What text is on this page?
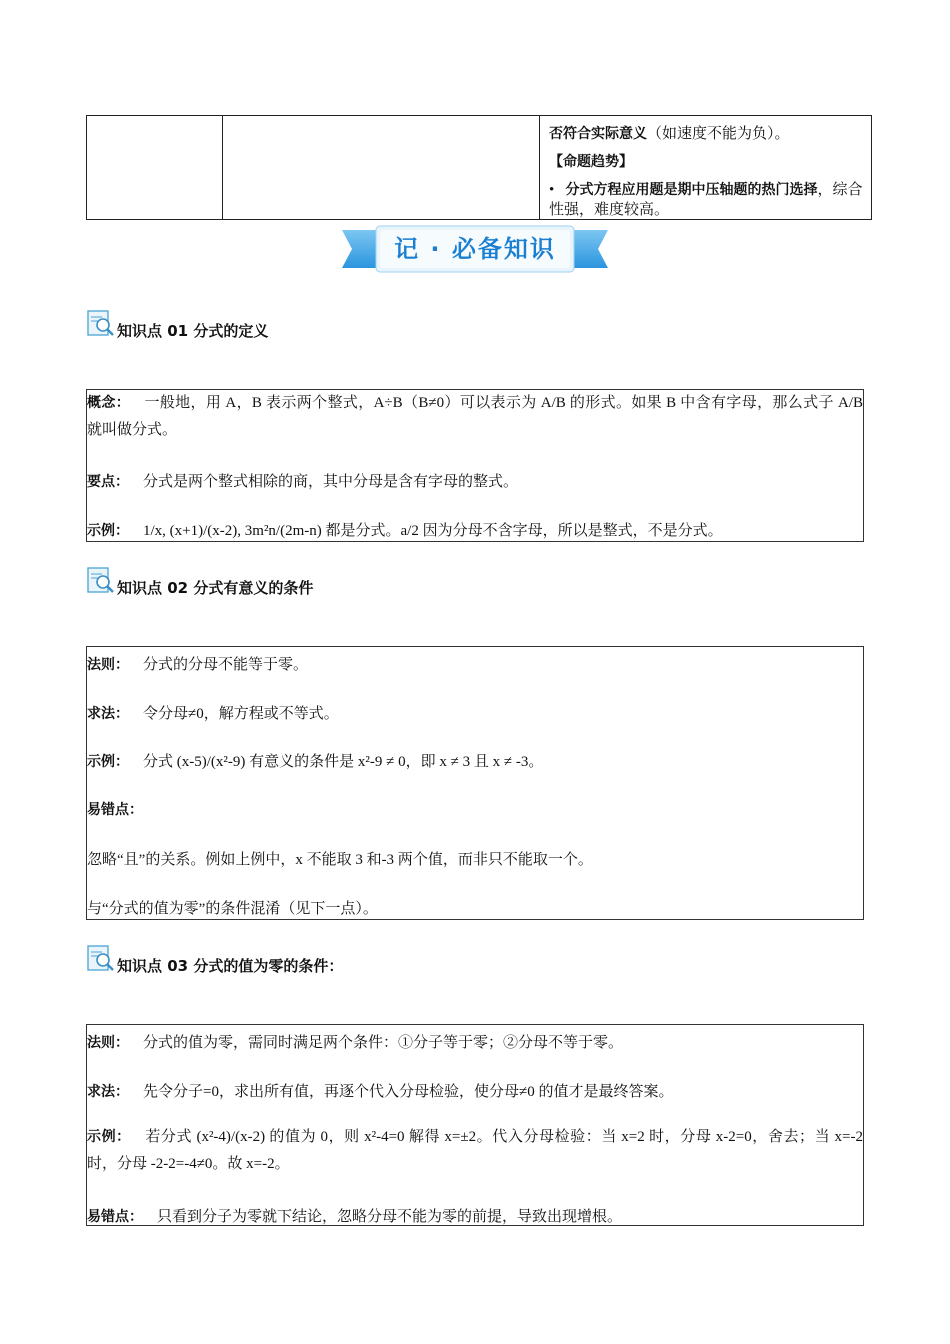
否符合实际意义（如速度不能为负）。

【命题趋势】

• 分式方程应用题是期中压轴题的热门选择，综合性强，难度较高。

记 · 必备知识
知识点 01 分式的定义
概念： 一般地，用 A，B 表示两个整式，A÷B（B≠0）可以表示为 A/B 的形式。如果 B 中含有字母，那么式子 A/B 就叫做分式。
要点： 分式是两个整式相除的商，其中分母是含有字母的整式。
示例： 1/x, (x+1)/(x-2), 3m²n/(2m-n) 都是分式。a/2 因为分母不含字母，所以是整式，不是分式。
知识点 02 分式有意义的条件
法则： 分式的分母不能等于零。
求法： 令分母≠0，解方程或不等式。
示例： 分式 (x-5)/(x²-9) 有意义的条件是 x²-9 ≠ 0，即 x ≠ 3 且 x ≠ -3。
易错点：
忽略“且”的关系。例如上例中，x 不能取 3 和-3 两个值，而非只不能取一个。
与“分式的值为零”的条件混淆（见下一点）。
知识点 03 分式的值为零的条件：
法则： 分式的值为零，需同时满足两个条件：①分子等于零；②分母不等于零。
求法： 先令分子=0，求出所有值，再逐个代入分母检验，使分母≠0 的值才是最终答案。
示例： 若分式 (x²-4)/(x-2) 的值为 0，则 x²-4=0 解得 x=±2。代入分母检验：当 x=2 时，分母 x-2=0，舍去；当 x=-2 时，分母 -2-2=-4≠0。故 x=-2。
易错点： 只看到分子为零就下结论，忽略分母不能为零的前提，导致出现增根。
